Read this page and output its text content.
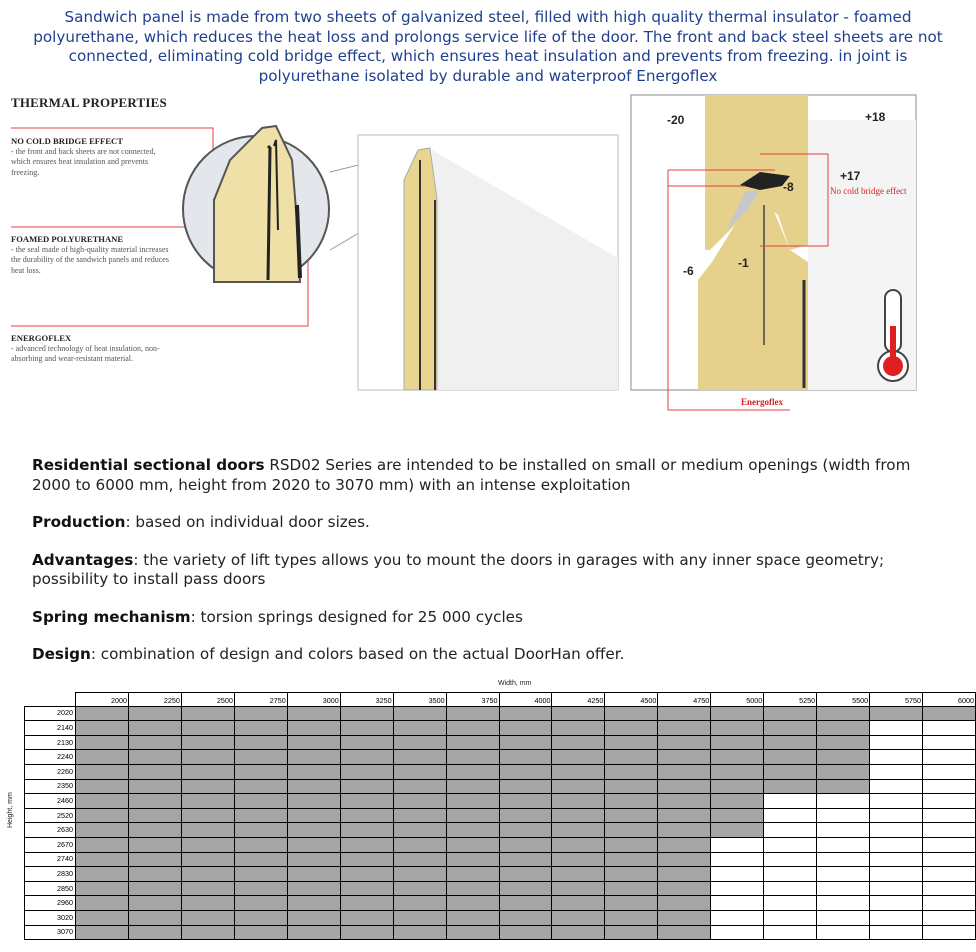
Sandwich panel is made from two sheets of galvanized steel, filled with high quality thermal insulator - foamed polyurethane, which reduces the heat loss and prolongs service life of the door. The front and back steel sheets are not connected, eliminating cold bridge effect, which ensures heat insulation and prevents from freezing. in joint is polyurethane isolated by durable and waterproof Energoflex
THERMAL PROPERTIES
NO COLD BRIDGE EFFECT
- the front and back sheets are not connected, which ensures heat insulation and prevents freezing.
FOAMED POLYURETHANE
- the seal made of high-quality material increases the durability of the sandwich panels and reduces heat loss.
ENERGOFLEX
- advanced technology of heat insulation, non-absorbing and wear-resistant material.
-20	+18
+17
-8
-6
-1
No cold bridge effect
Energoflex

Residential sectional doors RSD02 Series are intended to be installed on small or medium openings (width from 2000 to 6000 mm, height from 2020 to 3070 mm) with an intense exploitation

Production: based on individual door sizes.

Advantages: the variety of lift types allows you to mount the doors in garages with any inner space geometry; possibility to install pass doors

Spring mechanism: torsion springs designed for 25 000 cycles

Design: combination of design and colors based on the actual DoorHan offer.

Width, mm
Height, mm
	2000	2250	2500	2750	3000	3250	3500	3750	4000	4250	4500	4750	5000	5250	5500	5750	6000
2020																	
2140																	
2130																	
2240																	
2260																	
2350																	
2460																	
2520																	
2630																	
2670																	
2740																	
2830																	
2850																	
2960																	
3020																	
3070																	
